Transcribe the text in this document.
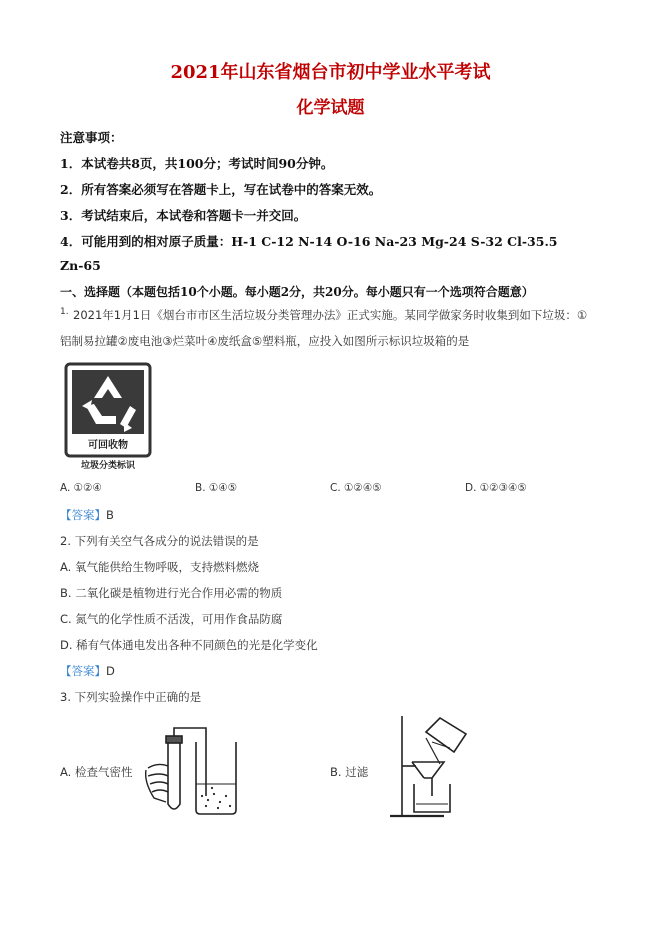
2021年山东省烟台市初中学业水平考试
化学试题
注意事项：
1．本试卷共8页，共100分；考试时间90分钟。
2．所有答案必须写在答题卡上，写在试卷中的答案无效。
3．考试结束后，本试卷和答题卡一并交回。
4．可能用到的相对原子质量：H-1 C-12 N-14 O-16 Na-23 Mg-24 S-32 Cl-35.5
Zn-65
一、选择题（本题包括10个小题。每小题2分，共20分。每小题只有一个选项符合题意）
1. 2021年1月1日《烟台市市区生活垃圾分类管理办法》正式实施。某同学做家务时收集到如下垃圾：①
铝制易拉罐②废电池③烂菜叶④废纸盒⑤塑料瓶，应投入如图所示标识垃圾箱的是
可回收物
垃圾分类标识
A. ①②④	B. ①④⑤	C. ①②④⑤	D. ①②③④⑤
【答案】B
2. 下列有关空气各成分的说法错误的是
A. 氧气能供给生物呼吸，支持燃料燃烧
B. 二氧化碳是植物进行光合作用必需的物质
C. 氮气的化学性质不活泼，可用作食品防腐
D. 稀有气体通电发出各种不同颜色的光是化学变化
【答案】D
3. 下列实验操作中正确的是
A. 检查气密性	B. 过滤
